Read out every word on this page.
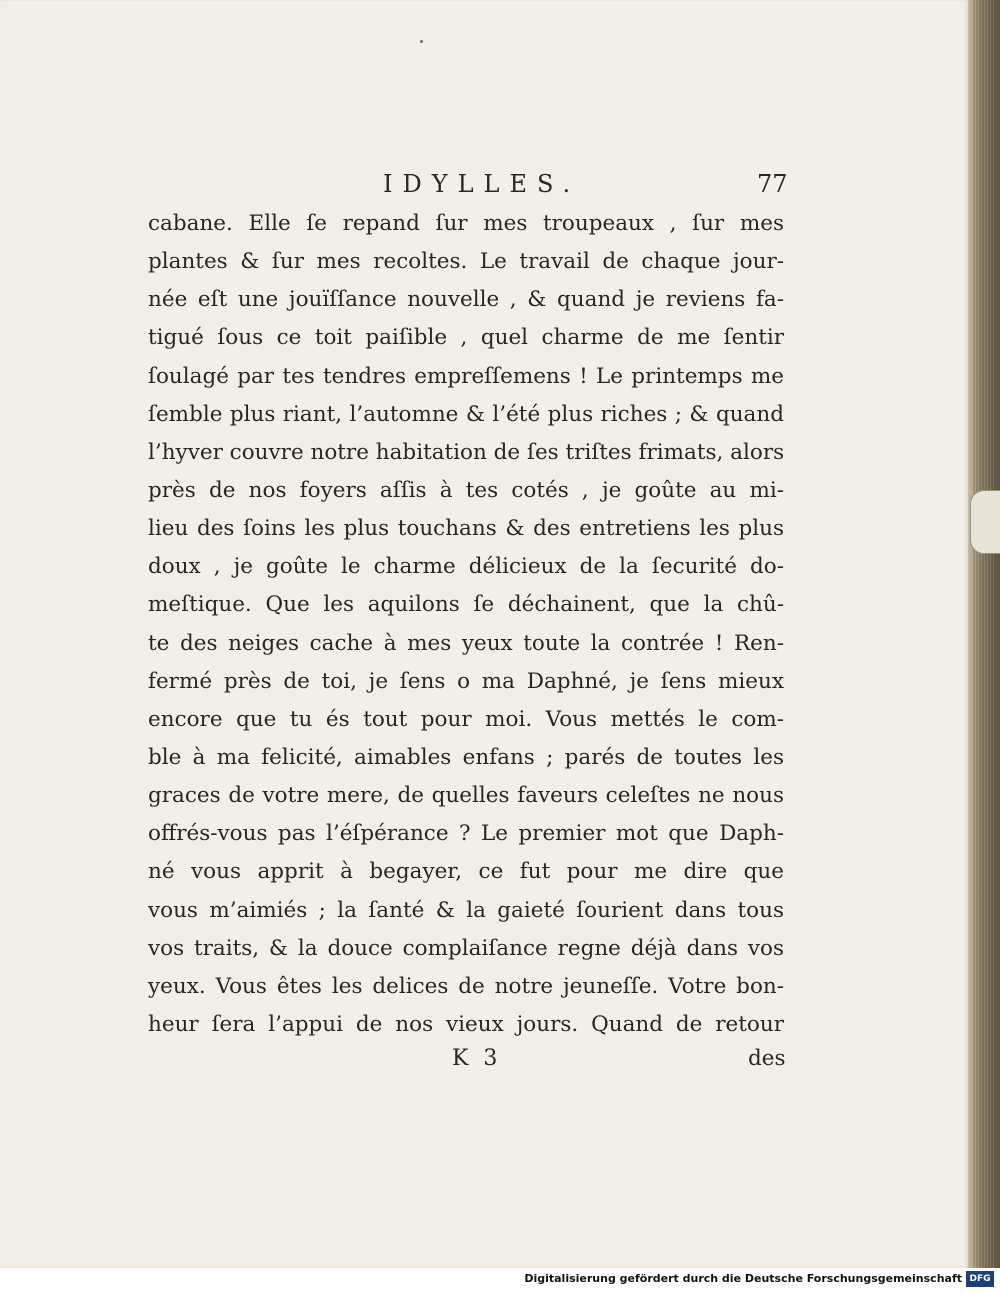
IDYLLES.	77
cabane. Elle ſe repand ſur mes troupeaux , ſur mes
plantes & ſur mes recoltes. Le travail de chaque jour-
née eſt une jouïſſance nouvelle , & quand je reviens fa-
tigué ſous ce toit paiſible , quel charme de me ſentir
ſoulagé par tes tendres empreſſemens ! Le printemps me
ſemble plus riant, l’automne & l’été plus riches ; & quand
l’hyver couvre notre habitation de ſes triſtes frimats, alors
près de nos foyers aſſis à tes cotés , je goûte au mi-
lieu des ſoins les plus touchans & des entretiens les plus
doux , je goûte le charme délicieux de la ſecurité do-
meſtique. Que les aquilons ſe déchainent, que la chû-
te des neiges cache à mes yeux toute la contrée ! Ren-
fermé près de toi, je ſens o ma Daphné, je ſens mieux
encore que tu és tout pour moi. Vous mettés le com-
ble à ma felicité, aimables enfans ; parés de toutes les
graces de votre mere, de quelles faveurs celeſtes ne nous
offrés-vous pas l’éſpérance ? Le premier mot que Daph-
né vous apprit à begayer, ce fut pour me dire que
vous m’aimiés ; la ſanté & la gaieté ſourient dans tous
vos traits, & la douce complaiſance regne déjà dans vos
yeux. Vous êtes les delices de notre jeuneſſe. Votre bon-
heur ſera l’appui de nos vieux jours. Quand de retour
K 3	des
Digitalisierung gefördert durch die Deutsche Forschungsgemeinschaft DFG
